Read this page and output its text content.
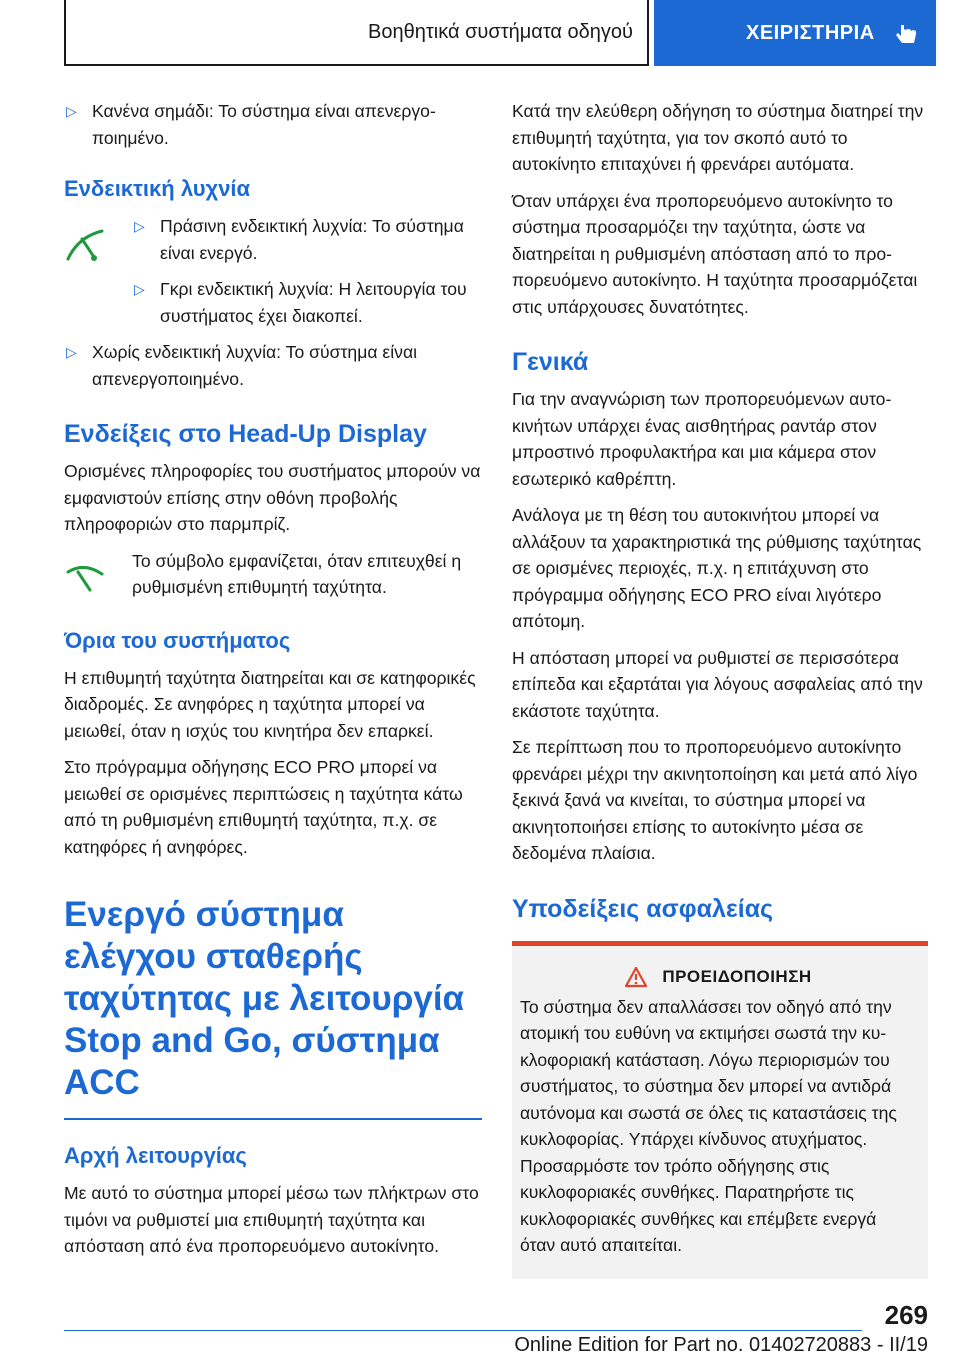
Βοηθητικά συστήματα οδηγού	ΧΕΙΡΙΣΤΗΡΙΑ
▷ Κανένα σημάδι: Το σύστημα είναι απενεργοποιημένο.
Ενδεικτική λυχνία
▷ Πράσινη ενδεικτική λυχνία: Το σύστημα είναι ενεργό.
▷ Γκρι ενδεικτική λυχνία: Η λειτουργία του συστήματος έχει διακοπεί.
▷ Χωρίς ενδεικτική λυχνία: Το σύστημα είναι απενεργοποιημένο.
Ενδείξεις στο Head-Up Display

Ορισμένες πληροφορίες του συστήματος μπορούν να εμφανιστούν επίσης στην οθόνη προβολής πληροφοριών στο παρμπρίζ.

Το σύμβολο εμφανίζεται, όταν επιτευχθεί η ρυθμισμένη επιθυμητή ταχύτητα.

Όρια του συστήματος

Η επιθυμητή ταχύτητα διατηρείται και σε κατηφορικές διαδρομές. Σε ανηφόρες η ταχύτητα μπορεί να μειωθεί, όταν η ισχύς του κινητήρα δεν επαρκεί.

Στο πρόγραμμα οδήγησης ECO PRO μπορεί να μειωθεί σε ορισμένες περιπτώσεις η ταχύτητα κάτω από τη ρυθμισμένη επιθυμητή ταχύτητα, π.χ. σε κατηφόρες ή ανηφόρες.

Ενεργό σύστημα ελέγχου σταθερής ταχύτητας με λειτουργία Stop and Go, σύστημα ACC
Αρχή λειτουργίας

Με αυτό το σύστημα μπορεί μέσω των πλήκτρων στο τιμόνι να ρυθμιστεί μια επιθυμητή ταχύτητα και απόσταση από ένα προπορευόμενο αυτοκίνητο.

Κατά την ελεύθερη οδήγηση το σύστημα διατηρεί την επιθυμητή ταχύτητα, για τον σκοπό αυτό το αυτοκίνητο επιταχύνει ή φρενάρει αυτόματα.

Όταν υπάρχει ένα προπορευόμενο αυτοκίνητο το σύστημα προσαρμόζει την ταχύτητα, ώστε να διατηρείται η ρυθμισμένη απόσταση από το προπορευόμενο αυτοκίνητο. Η ταχύτητα προσαρμόζεται στις υπάρχουσες δυνατότητες.

Γενικά

Για την αναγνώριση των προπορευόμενων αυτοκινήτων υπάρχει ένας αισθητήρας ραντάρ στον μπροστινό προφυλακτήρα και μια κάμερα στον εσωτερικό καθρέπτη.

Ανάλογα με τη θέση του αυτοκινήτου μπορεί να αλλάξουν τα χαρακτηριστικά της ρύθμισης ταχύτητας σε ορισμένες περιοχές, π.χ. η επιτάχυνση στο πρόγραμμα οδήγησης ECO PRO είναι λιγότερο απότομη.

Η απόσταση μπορεί να ρυθμιστεί σε περισσότερα επίπεδα και εξαρτάται για λόγους ασφαλείας από την εκάστοτε ταχύτητα.

Σε περίπτωση που το προπορευόμενο αυτοκίνητο φρενάρει μέχρι την ακινητοποίηση και μετά από λίγο ξεκινά ξανά να κινείται, το σύστημα μπορεί να ακινητοποιήσει επίσης το αυτοκίνητο μέσα σε δεδομένα πλαίσια.

Υποδείξεις ασφαλείας
ΠΡΟΕΙΔΟΠΟΙΗΣΗ

Το σύστημα δεν απαλλάσσει τον οδηγό από την ατομική του ευθύνη να εκτιμήσει σωστά την κυκλοφοριακή κατάσταση. Λόγω περιορισμών του συστήματος, το σύστημα δεν μπορεί να αντιδρά αυτόνομα και σωστά σε όλες τις καταστάσεις της κυκλοφορίας. Υπάρχει κίνδυνος ατυχήματος. Προσαρμόστε τον τρόπο οδήγησης στις κυκλοφοριακές συνθήκες. Παρατηρήστε τις κυκλοφοριακές συνθήκες και επέμβετε ενεργά όταν αυτό απαιτείται.

269
Online Edition for Part no. 01402720883 - II/19
